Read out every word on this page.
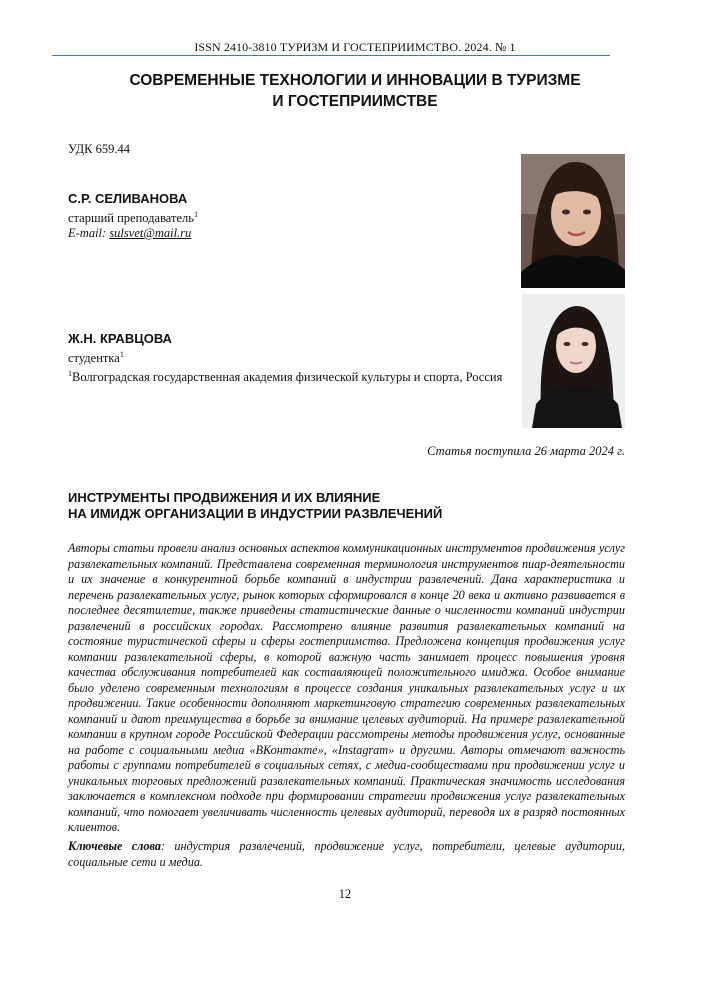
ISSN 2410-3810 ТУРИЗМ И ГОСТЕПРИИМСТВО. 2024. № 1
СОВРЕМЕННЫЕ ТЕХНОЛОГИИ И ИННОВАЦИИ В ТУРИЗМЕ
И ГОСТЕПРИИМСТВЕ
УДК 659.44
С.Р. СЕЛИВАНОВА
старший преподаватель$^1$
E-mail: sulsvet@mail.ru
Ж.Н. КРАВЦОВА
студентка$^1$
$^1$Волгоградская государственная академия физической культуры и спорта, Россия
Статья поступила 26 марта 2024 г.
ИНСТРУМЕНТЫ ПРОДВИЖЕНИЯ И ИХ ВЛИЯНИЕ
НА ИМИДЖ ОРГАНИЗАЦИИ В ИНДУСТРИИ РАЗВЛЕЧЕНИЙ
Авторы статьи провели анализ основных аспектов коммуникационных инструментов продвижения услуг развлекательных компаний. Представлена современная терминология инструментов пиар-деятельности и их значение в конкурентной борьбе компаний в индустрии развлечений. Дана характеристика и перечень развлекательных услуг, рынок которых сформировался в конце 20 века и активно развивается в последнее десятилетие, также приведены статистические данные о численности компаний индустрии развлечений в российских городах. Рассмотрено влияние развития развлекательных компаний на состояние туристической сферы и сферы гостеприимства. Предложена концепция продвижения услуг компании развлекательной сферы, в которой важную часть занимает процесс повышения уровня качества обслуживания потребителей как составляющей положительного имиджа. Особое внимание было уделено современным технологиям в процессе создания уникальных развлекательных услуг и их продвижении. Такие особенности дополняют маркетинговую стратегию современных развлекательных компаний и дают преимущества в борьбе за внимание целевых аудиторий. На примере развлекательной компании в крупном городе Российской Федерации рассмотрены методы продвижения услуг, основанные на работе с социальными медиа «ВКонтакте», «Instagram» и другими. Авторы отмечают важность работы с группами потребителей в социальных сетях, с медиа-сообществами при продвижении услуг и уникальных торговых предложений развлекательных компаний. Практическая значимость исследования заключается в комплексном подходе при формировании стратегии продвижения услуг развлекательных компаний, что помогает увеличивать численность целевых аудиторий, переводя их в разряд постоянных клиентов.
Ключевые слова: индустрия развлечений, продвижение услуг, потребители, целевые аудитории, социальные сети и медиа.
12
